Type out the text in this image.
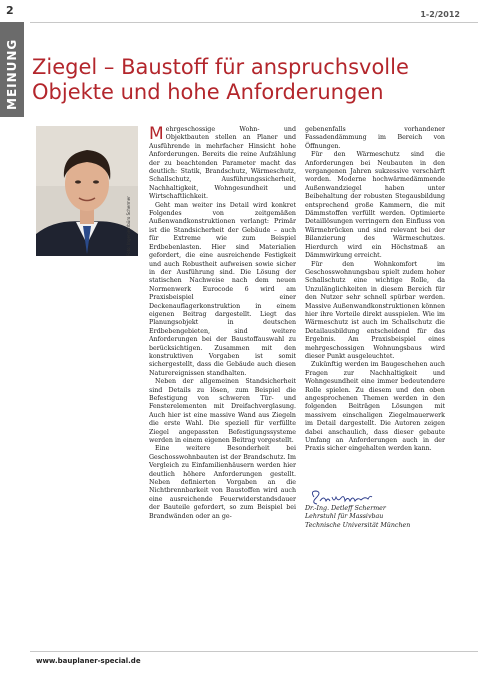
2	1-2/2012
MEINUNG Ziegel – Baustoff für anspruchsvolle Objekte und hohe Anforderungen
Foto: Ingenieurbüro Schermer

Mehrgeschossige Wohn- und Objektbauten stellen an Planer und Ausführende in mehrfacher Hinsicht hohe Anforderungen. Bereits die reine Aufzählung der zu beachtenden Parameter macht das deutlich: Statik, Brandschutz, Wärmeschutz, Schallschutz, Ausführungssicherheit, Nachhaltigkeit, Wohngesundheit und Wirtschaftlichkeit.

Geht man weiter ins Detail wird konkret Folgendes von zeitgemäßen Außenwandkonstruktionen verlangt: Primär ist die Standsicherheit der Gebäude – auch für Extreme wie zum Beispiel Erdbebenlasten. Hier sind Materialien gefordert, die eine ausreichende Festigkeit und auch Robustheit aufweisen sowie sicher in der Ausführung sind. Die Lösung der statischen Nachweise nach dem neuen Normenwerk Eurocode 6 wird am Praxisbeispiel einer Deckenauflagerkonstruktion in einem eigenen Beitrag dargestellt. Liegt das Planungsobjekt in deutschen Erdbebengebieten, sind weitere Anforderungen bei der Baustoffauswahl zu berücksichtigen. Zusammen mit den konstruktiven Vorgaben ist somit sichergestellt, dass die Gebäude auch diesen Naturereignissen standhalten.

Neben der allgemeinen Standsicherheit sind Details zu lösen, zum Beispiel die Befestigung von schweren Tür- und Fensterelementen mit Dreifachverglasung. Auch hier ist eine massive Wand aus Ziegeln die erste Wahl. Die speziell für verfüllte Ziegel angepassten Befestigungssysteme werden in einem eigenen Beitrag vorgestellt.

Eine weitere Besonderheit bei Geschosswohnbauten ist der Brandschutz. Im Vergleich zu Einfamilienhäusern werden hier deutlich höhere Anforderungen gestellt. Neben definierten Vorgaben an die Nichtbrennbarkeit von Baustoffen wird auch eine ausreichende Feuerwiderstandsdauer der Bauteile gefordert, so zum Beispiel bei Brandwänden oder an ge-

gebenenfalls vorhandener Fassadendämmung im Bereich von Öffnungen.

Für den Wärmeschutz sind die Anforderungen bei Neubauten in den vergangenen Jahren sukzessive verschärft worden. Moderne hochwärmedämmende Außenwandziegel haben unter Beibehaltung der robusten Stegausbildung entsprechend große Kammern, die mit Dämmstoffen verfüllt werden. Optimierte Detaillösungen verringern den Einfluss von Wärmebrücken und sind relevant bei der Bilanzierung des Wärmeschutzes. Hierdurch wird ein Höchstmaß an Dämmwirkung erreicht.

Für den Wohnkomfort im Geschosswohnungsbau spielt zudem hoher Schallschutz eine wichtige Rolle, da Unzulänglichkeiten in diesem Bereich für den Nutzer sehr schnell spürbar werden. Massive Außenwandkonstruktionen können hier ihre Vorteile direkt ausspielen. Wie im Wärmeschutz ist auch im Schallschutz die Detailausbildung entscheidend für das Ergebnis. Am Praxisbeispiel eines mehrgeschossigen Wohnungsbaus wird dieser Punkt ausgeleuchtet.

Zukünftig werden im Baugeschehen auch Fragen zur Nachhaltigkeit und Wohngesundheit eine immer bedeutendere Rolle spielen. Zu diesem und den oben angesprochenen Themen werden in den folgenden Beiträgen Lösungen mit massivem einschaligen Ziegelmauerwerk im Detail dargestellt. Die Autoren zeigen dabei anschaulich, dass dieser gebaute Umfang an Anforderungen auch in der Praxis sicher eingehalten werden kann.

Dr.-Ing. Detleff Schermer
Lehrstuhl für Massivbau
Technische Universität München
www.bauplaner-special.de
